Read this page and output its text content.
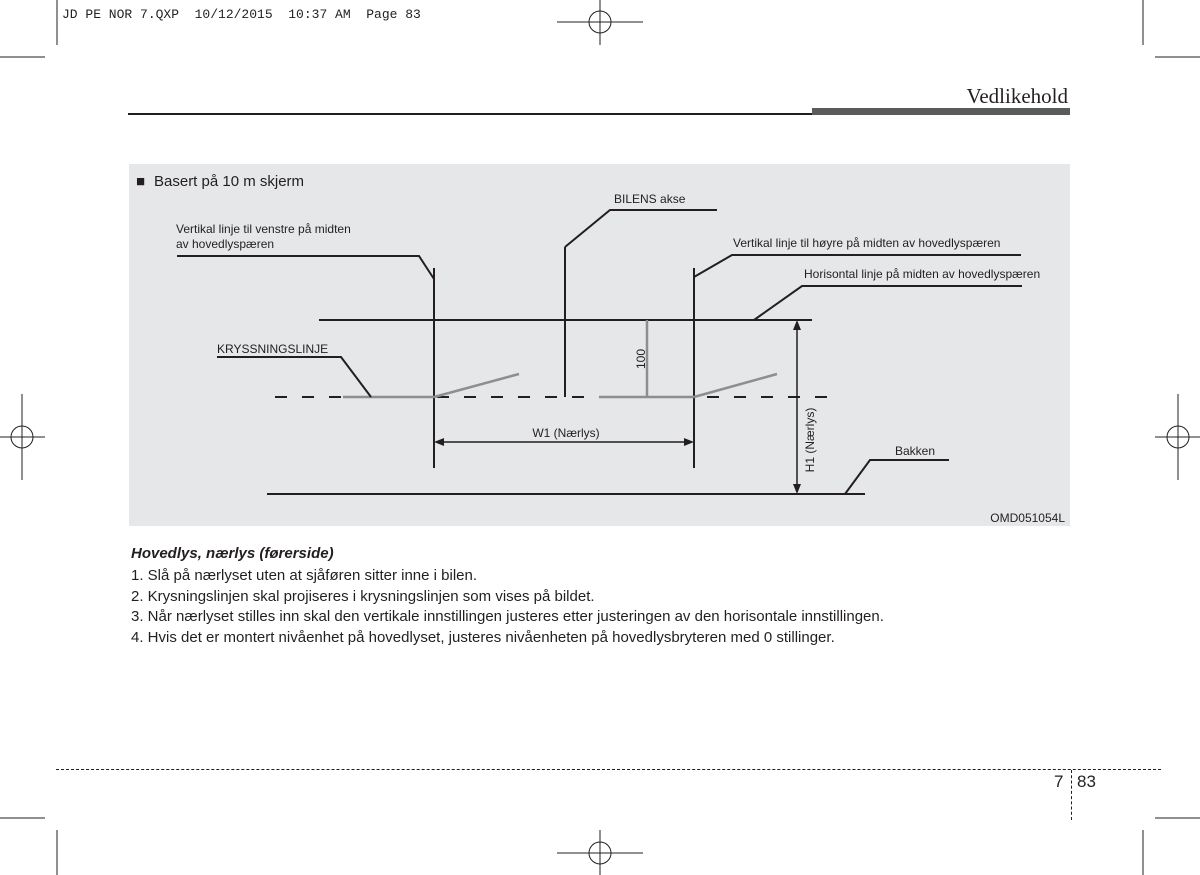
JD PE NOR 7.QXP  10/12/2015  10:37 AM  Page 83

Vedlikehold
■ Basert på 10 m skjerm
BILENS akse
Vertikal linje til venstre på midten
av hovedlyspæren	Vertikal linje til høyre på midten av hovedlyspæren
Horisontal linje på midten av hovedlyspæren
KRYSSNINGSLINJE	100
W1 (Nærlys)	H1 (Nærlys)	Bakken
OMD051054L

Hovedlys, nærlys (førerside)

1. Slå på nærlyset uten at sjåføren sitter inne i bilen.
2. Krysningslinjen skal projiseres i krysningslinjen som vises på bildet.
3. Når nærlyset stilles inn skal den vertikale innstillingen justeres etter justeringen av den horisontale innstillingen.
4. Hvis det er montert nivåenhet på hovedlyset, justeres nivåenheten på hovedlysbryteren med 0 stillinger.

7 83
